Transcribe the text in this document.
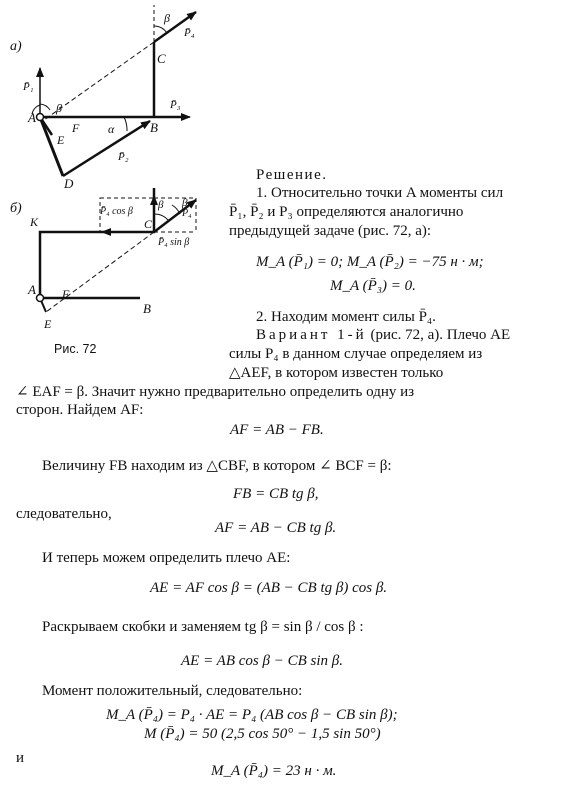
а)
A
B
C
D
E
F
P̄₁
P̄₂
P̄₃
P̄₄
β
β
α
б)
K
A
B
C
E
F
P̄₄
P̄₄ cos β
P̄₄ sin β
β β
Рис. 72
Решение.
1. Относительно точки A моменты сил
P̄₁, P̄₂ и P₃ определяются аналогично
предыдущей задаче (рис. 72, а):
M_A (P̄₁) = 0; M_A (P̄₂) = −75 н · м;
M_A (P̄₃) = 0.
2. Находим момент силы P̄₄.
Вариант 1-й (рис. 72, а). Плечо AE
силы P₄ в данном случае определяем из
△AEF, в котором известен только
∠ EAF = β. Значит нужно предварительно определить одну из
сторон. Найдем AF:
AF = AB − FB.
Величину FB находим из △CBF, в котором ∠ BCF = β:
FB = CB tg β,
следовательно,
AF = AB − CB tg β.
И теперь можем определить плечо AE:
AE = AF cos β = (AB − CB tg β) cos β.
Раскрываем скобки и заменяем tg β = sin β / cos β :
AE = AB cos β − CB sin β.
Момент положительный, следовательно:
M_A (P̄₄) = P₄ · AE = P₄ (AB cos β − CB sin β);
M (P̄₄) = 50 (2,5 cos 50° − 1,5 sin 50°)
и
M_A (P̄₄) = 23 н · м.
